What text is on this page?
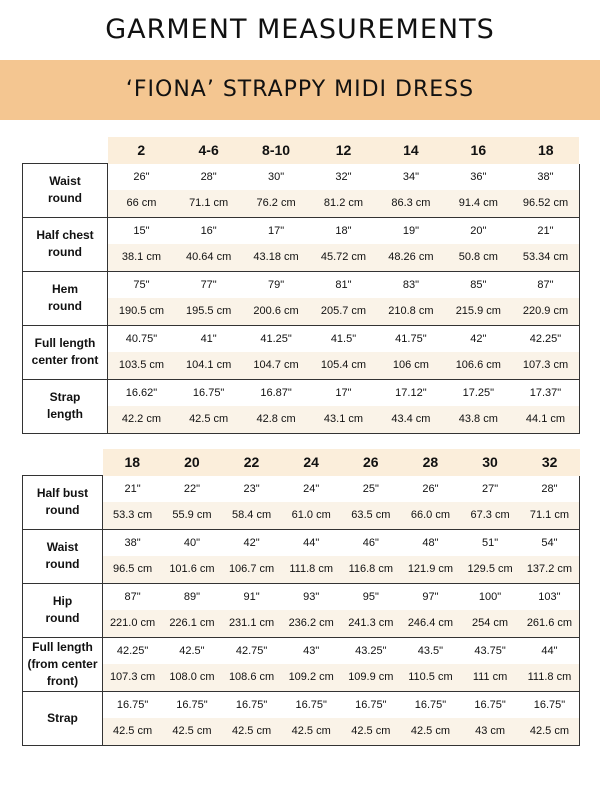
GARMENT MEASUREMENTS
‘FIONA’ STRAPPY MIDI DRESS
	2	4-6	8-10	12	14	16	18

Waist
round	26"	28"	30"	32"	34"	36"	38"
	66 cm	71.1 cm	76.2 cm	81.2 cm	86.3 cm	91.4 cm	96.52 cm

Half chest
round	15"	16"	17"	18"	19"	20"	21"
	38.1 cm	40.64 cm	43.18 cm	45.72 cm	48.26 cm	50.8 cm	53.34 cm

Hem
round	75"	77"	79"	81"	83"	85"	87"
	190.5 cm	195.5 cm	200.6 cm	205.7 cm	210.8 cm	215.9 cm	220.9 cm

Full length
center front	40.75"	41"	41.25"	41.5"	41.75"	42"	42.25"
	103.5 cm	104.1 cm	104.7 cm	105.4 cm	106 cm	106.6 cm	107.3 cm

Strap
length	16.62"	16.75"	16.87"	17"	17.12"	17.25"	17.37"
	42.2 cm	42.5 cm	42.8 cm	43.1 cm	43.4 cm	43.8 cm	44.1 cm
	18	20	22	24	26	28	30	32

Half bust
round	21"	22"	23"	24"	25"	26"	27"	28"
	53.3 cm	55.9 cm	58.4 cm	61.0 cm	63.5 cm	66.0 cm	67.3 cm	71.1 cm

Waist
round	38"	40"	42"	44"	46"	48"	51"	54"
	96.5 cm	101.6 cm	106.7 cm	111.8 cm	116.8 cm	121.9 cm	129.5 cm	137.2 cm

Hip
round	87"	89"	91"	93"	95"	97"	100"	103"
	221.0 cm	226.1 cm	231.1 cm	236.2 cm	241.3 cm	246.4 cm	254 cm	261.6 cm

Full length
(from center
front)	42.25"	42.5"	42.75"	43"	43.25"	43.5"	43.75"	44"
	107.3 cm	108.0 cm	108.6 cm	109.2 cm	109.9 cm	110.5 cm	111 cm	111.8 cm

Strap	16.75"	16.75"	16.75"	16.75"	16.75"	16.75"	16.75"	16.75"
	42.5 cm	42.5 cm	42.5 cm	42.5 cm	42.5 cm	42.5 cm	43 cm	42.5 cm
